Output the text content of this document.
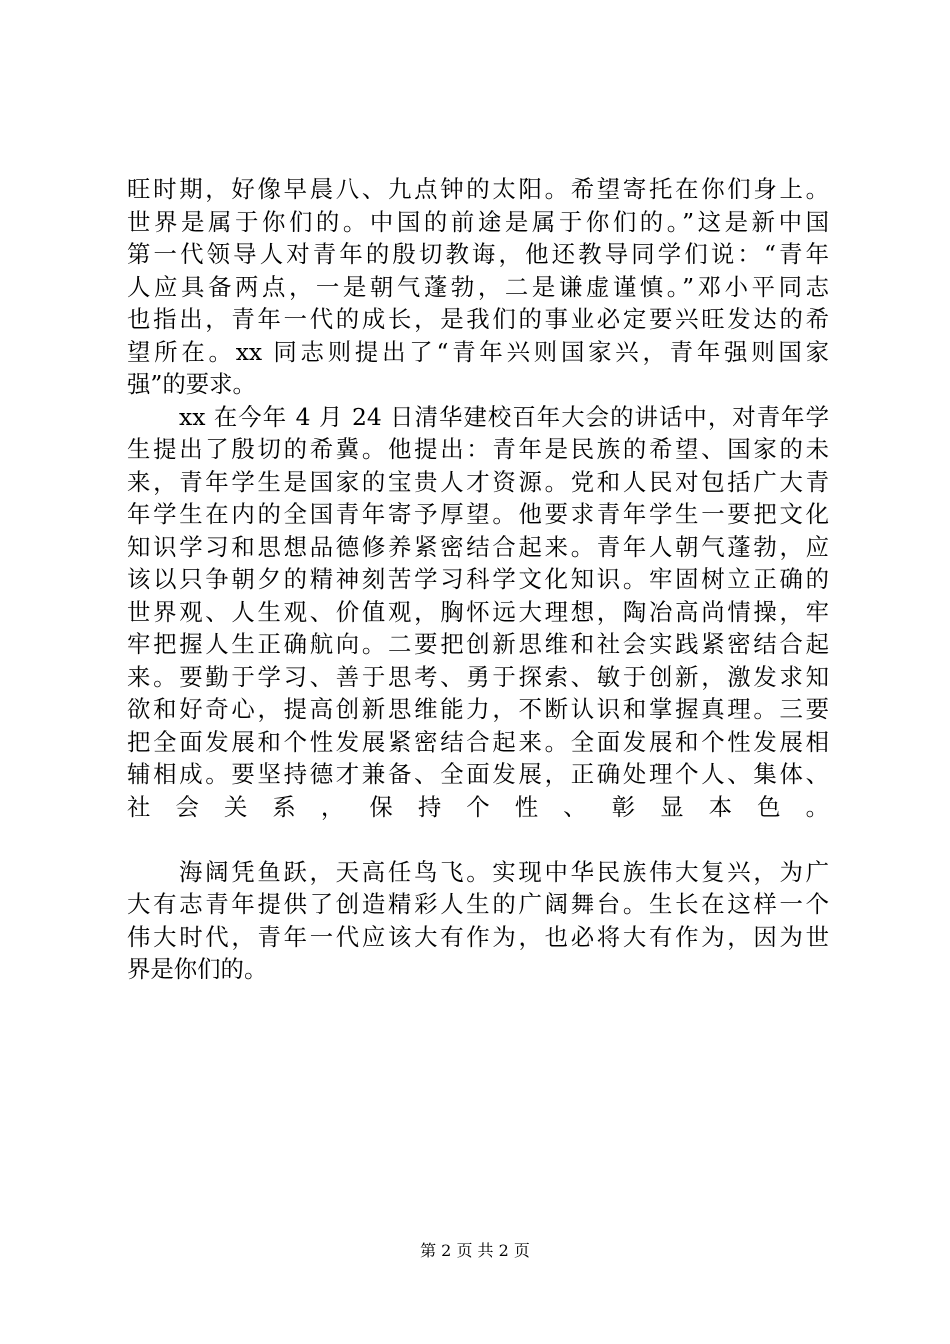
旺时期，好像早晨八、九点钟的太阳。希望寄托在你们身上。
世界是属于你们的。中国的前途是属于你们的。”这是新中国
第一代领导人对青年的殷切教诲，他还教导同学们说：“青年
人应具备两点，一是朝气蓬勃，二是谦虚谨慎。”邓小平同志
也指出，青年一代的成长，是我们的事业必定要兴旺发达的希
望所在。xx 同志则提出了“青年兴则国家兴，青年强则国家
强”的要求。
xx 在今年 4 月 24 日清华建校百年大会的讲话中，对青年学
生提出了殷切的希冀。他提出：青年是民族的希望、国家的未
来，青年学生是国家的宝贵人才资源。党和人民对包括广大青
年学生在内的全国青年寄予厚望。他要求青年学生一要把文化
知识学习和思想品德修养紧密结合起来。青年人朝气蓬勃，应
该以只争朝夕的精神刻苦学习科学文化知识。牢固树立正确的
世界观、人生观、价值观，胸怀远大理想，陶冶高尚情操，牢
牢把握人生正确航向。二要把创新思维和社会实践紧密结合起
来。要勤于学习、善于思考、勇于探索、敏于创新，激发求知
欲和好奇心，提高创新思维能力，不断认识和掌握真理。三要
把全面发展和个性发展紧密结合起来。全面发展和个性发展相
辅相成。要坚持德才兼备、全面发展，正确处理个人、集体、
社会关系，保持个性、彰显本色。
海阔凭鱼跃，天高任鸟飞。实现中华民族伟大复兴，为广
大有志青年提供了创造精彩人生的广阔舞台。生长在这样一个
伟大时代，青年一代应该大有作为，也必将大有作为，因为世
界是你们的。
第 2 页 共 2 页
